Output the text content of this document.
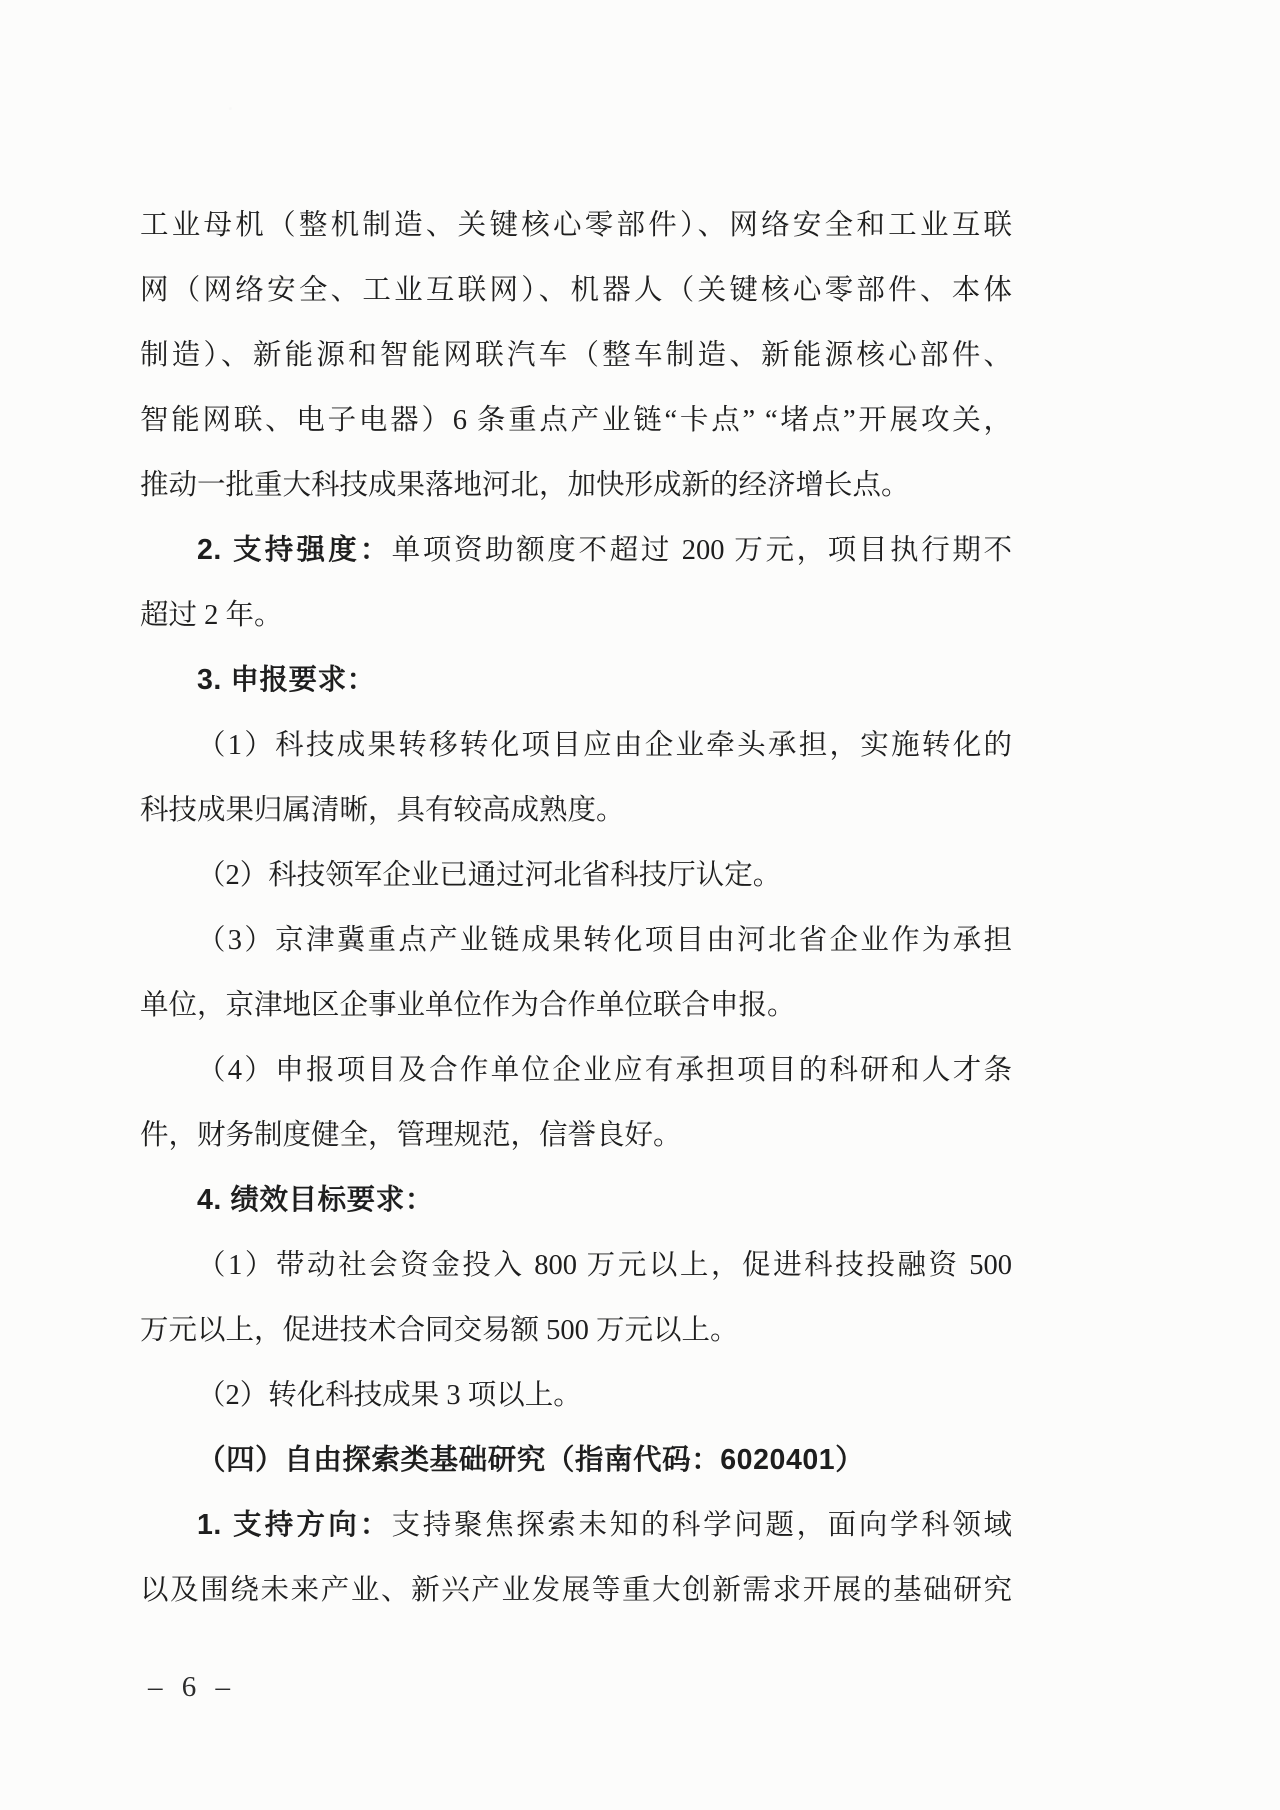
工业母机（整机制造、关键核心零部件）、网络安全和工业互联
网（网络安全、工业互联网）、机器人（关键核心零部件、本体
制造）、新能源和智能网联汽车（整车制造、新能源核心部件、
智能网联、电子电器）6 条重点产业链“卡点” “堵点”开展攻关，
推动一批重大科技成果落地河北，加快形成新的经济增长点。
2. 支持强度：单项资助额度不超过 200 万元，项目执行期不
超过 2 年。
3. 申报要求：
（1）科技成果转移转化项目应由企业牵头承担，实施转化的
科技成果归属清晰，具有较高成熟度。
（2）科技领军企业已通过河北省科技厅认定。
（3）京津冀重点产业链成果转化项目由河北省企业作为承担
单位，京津地区企事业单位作为合作单位联合申报。
（4）申报项目及合作单位企业应有承担项目的科研和人才条
件，财务制度健全，管理规范，信誉良好。
4. 绩效目标要求：
（1）带动社会资金投入 800 万元以上，促进科技投融资 500
万元以上，促进技术合同交易额 500 万元以上。
（2）转化科技成果 3 项以上。
（四）自由探索类基础研究（指南代码：6020401）
1. 支持方向：支持聚焦探索未知的科学问题，面向学科领域
以及围绕未来产业、新兴产业发展等重大创新需求开展的基础研究
– 6 –
